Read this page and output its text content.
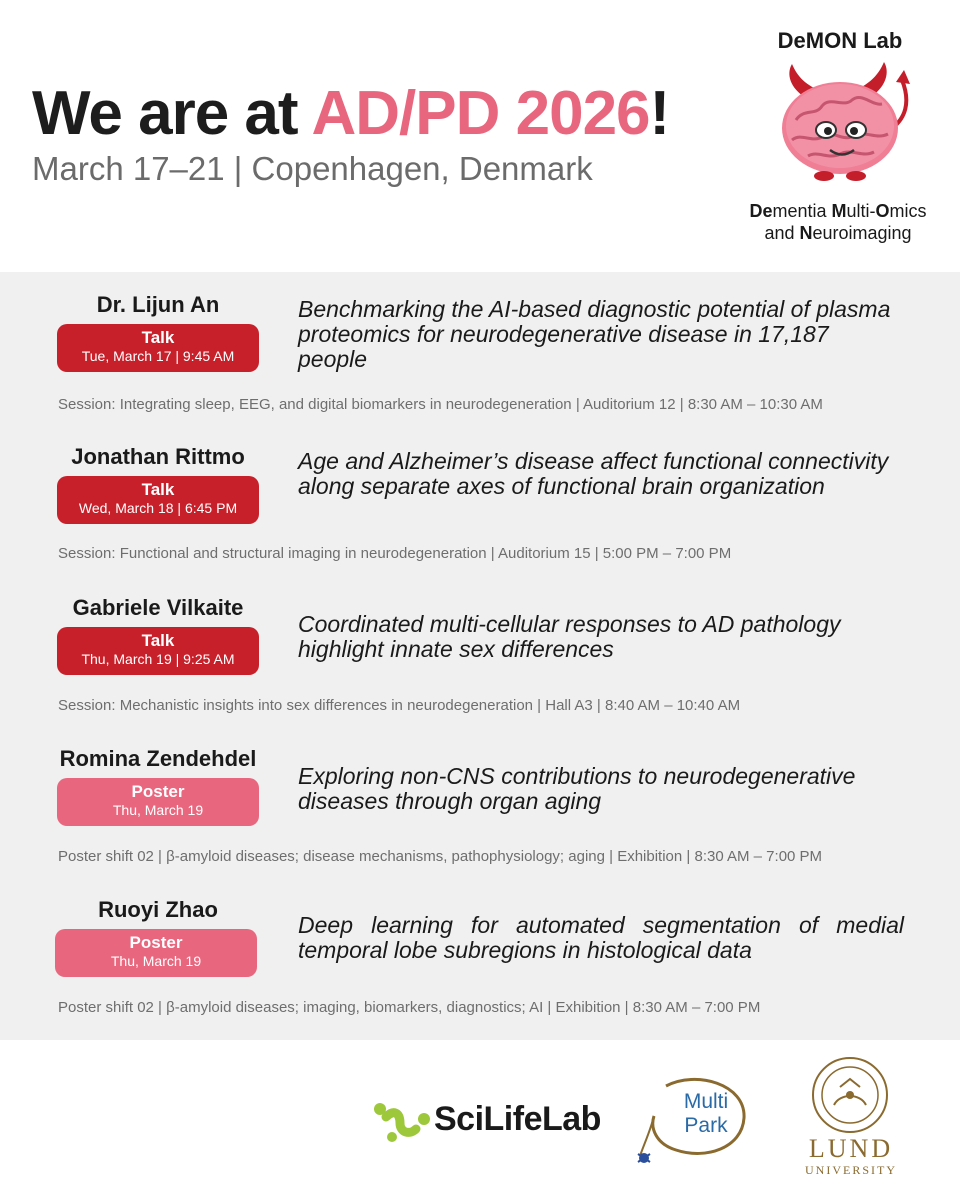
We are at AD/PD 2026!
March 17–21 | Copenhagen, Denmark
DeMON Lab
Dementia Multi-Omics
and Neuroimaging
Dr. Lijun An
Talk
Tue, March 17 | 9:45 AM
Benchmarking the AI-based diagnostic potential of plasma proteomics for neurodegenerative disease in 17,187 people
Session: Integrating sleep, EEG, and digital biomarkers in neurodegeneration | Auditorium 12 | 8:30 AM – 10:30 AM
Jonathan Rittmo
Talk
Wed, March 18 | 6:45 PM
Age and Alzheimer’s disease affect functional connectivity along separate axes of functional brain organization
Session: Functional and structural imaging in neurodegeneration | Auditorium 15 | 5:00 PM – 7:00 PM
Gabriele Vilkaite
Talk
Thu, March 19 | 9:25 AM
Coordinated multi-cellular responses to AD pathology highlight innate sex differences
Session: Mechanistic insights into sex differences in neurodegeneration | Hall A3 | 8:40 AM – 10:40 AM
Romina Zendehdel
Poster
Thu, March 19
Exploring non-CNS contributions to neurodegenerative diseases through organ aging
Poster shift 02 | β-amyloid diseases; disease mechanisms, pathophysiology; aging | Exhibition | 8:30 AM – 7:00 PM
Ruoyi Zhao
Poster
Thu, March 19
Deep learning for automated segmentation of medial temporal lobe subregions in histological data
Poster shift 02 | β-amyloid diseases; imaging, biomarkers, diagnostics; AI | Exhibition | 8:30 AM – 7:00 PM
SciLifeLab	Multi
Park
LUND
UNIVERSITY
